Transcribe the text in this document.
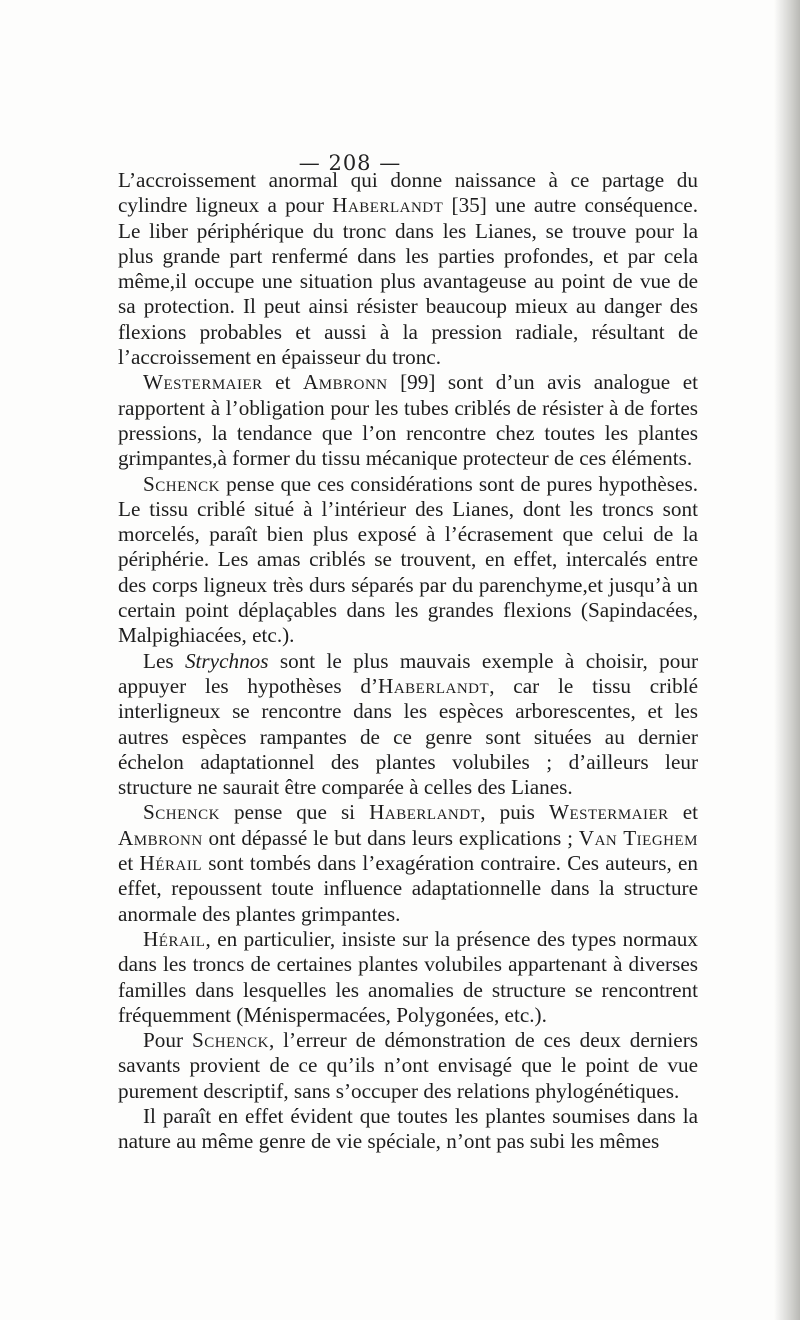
— 208 —

L’accroissement anormal qui donne naissance à ce partage du cylindre ligneux a pour Haberlandt [35] une autre conséquence. Le liber périphérique du tronc dans les Lianes, se trouve pour la plus grande part renfermé dans les parties profondes, et par cela même,il occupe une situation plus avantageuse au point de vue de sa protection. Il peut ainsi résister beaucoup mieux au danger des flexions probables et aussi à la pression radiale, résultant de l’accroissement en épaisseur du tronc.

Westermaier et Ambronn [99] sont d’un avis analogue et rapportent à l’obligation pour les tubes criblés de résister à de fortes pressions, la tendance que l’on rencontre chez toutes les plantes grimpantes,à former du tissu mécanique protecteur de ces éléments.

Schenck pense que ces considérations sont de pures hypothèses. Le tissu criblé situé à l’intérieur des Lianes, dont les troncs sont morcelés, paraît bien plus exposé à l’écrasement que celui de la périphérie. Les amas criblés se trouvent, en effet, intercalés entre des corps ligneux très durs séparés par du parenchyme,et jusqu’à un certain point déplaçables dans les grandes flexions (Sapindacées, Malpighiacées, etc.).

Les Strychnos sont le plus mauvais exemple à choisir, pour appuyer les hypothèses d’Haberlandt, car le tissu criblé interligneux se rencontre dans les espèces arborescentes, et les autres espèces rampantes de ce genre sont situées au dernier échelon adaptationnel des plantes volubiles ; d’ailleurs leur structure ne saurait être comparée à celles des Lianes.

Schenck pense que si Haberlandt, puis Westermaier et Ambronn ont dépassé le but dans leurs explications ; Van Tieghem et Hérail sont tombés dans l’exagération contraire. Ces auteurs, en effet, repoussent toute influence adaptationnelle dans la structure anormale des plantes grimpantes.

Hérail, en particulier, insiste sur la présence des types normaux dans les troncs de certaines plantes volubiles appartenant à diverses familles dans lesquelles les anomalies de structure se rencontrent fréquemment (Ménispermacées, Polygonées, etc.).

Pour Schenck, l’erreur de démonstration de ces deux derniers savants provient de ce qu’ils n’ont envisagé que le point de vue purement descriptif, sans s’occuper des relations phylogénétiques.

Il paraît en effet évident que toutes les plantes soumises dans la nature au même genre de vie spéciale, n’ont pas subi les mêmes
